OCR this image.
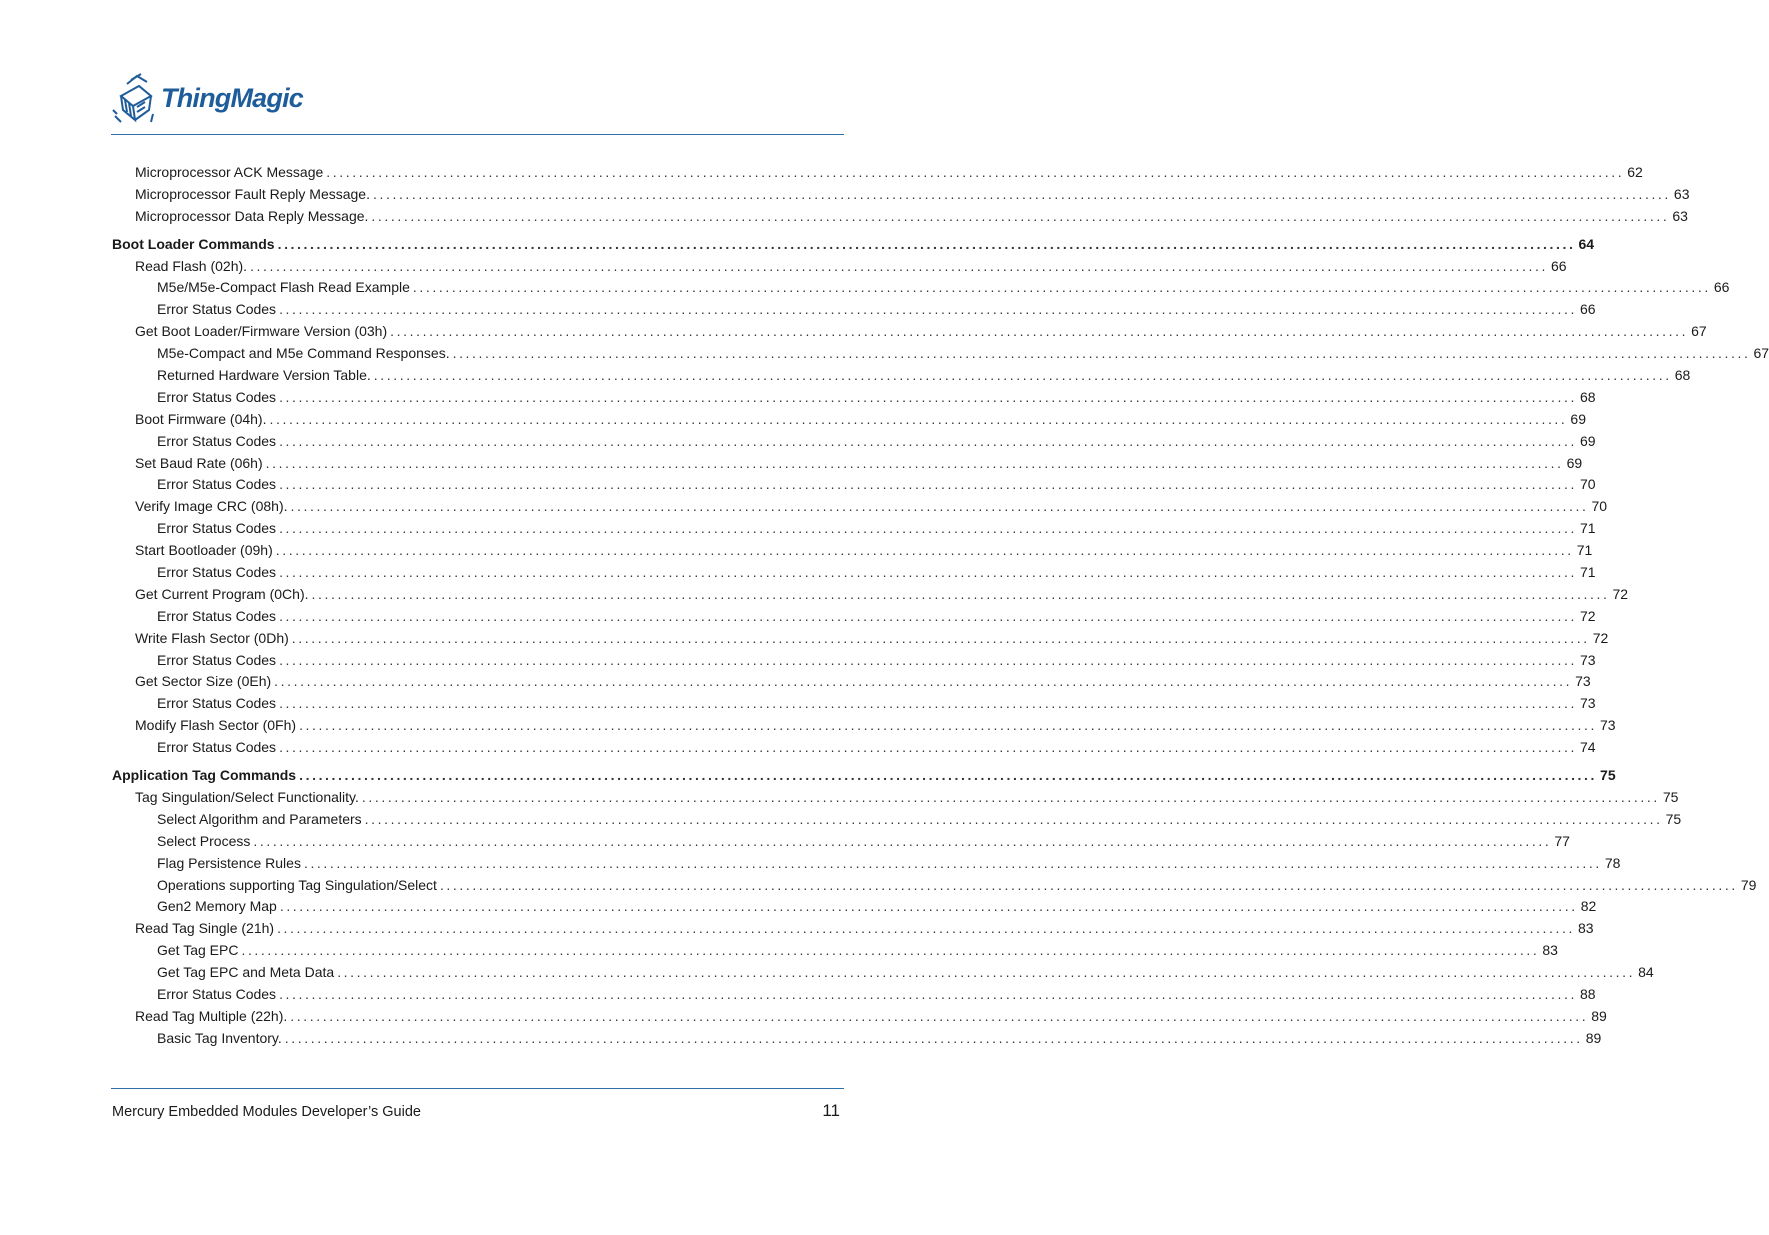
ThingMagic
Microprocessor ACK Message ........................................................................................................................................................................................................ 62
Microprocessor Fault Reply Message. ........................................................................................................................................................................................................ 63
Microprocessor Data Reply Message. ........................................................................................................................................................................................................ 63
Boot Loader Commands ........................................................................................................................................................................................................ 64
Read Flash (02h). ........................................................................................................................................................................................................ 66
M5e/M5e-Compact Flash Read Example ........................................................................................................................................................................................................ 66
Error Status Codes ........................................................................................................................................................................................................ 66
Get Boot Loader/Firmware Version (03h) ........................................................................................................................................................................................................ 67
M5e-Compact and M5e Command Responses. ........................................................................................................................................................................................................ 67
Returned Hardware Version Table. ........................................................................................................................................................................................................ 68
Error Status Codes ........................................................................................................................................................................................................ 68
Boot Firmware (04h). ........................................................................................................................................................................................................ 69
Error Status Codes ........................................................................................................................................................................................................ 69
Set Baud Rate (06h) ........................................................................................................................................................................................................ 69
Error Status Codes ........................................................................................................................................................................................................ 70
Verify Image CRC (08h). ........................................................................................................................................................................................................ 70
Error Status Codes ........................................................................................................................................................................................................ 71
Start Bootloader (09h) ........................................................................................................................................................................................................ 71
Error Status Codes ........................................................................................................................................................................................................ 71
Get Current Program (0Ch). ........................................................................................................................................................................................................ 72
Error Status Codes ........................................................................................................................................................................................................ 72
Write Flash Sector (0Dh) ........................................................................................................................................................................................................ 72
Error Status Codes ........................................................................................................................................................................................................ 73
Get Sector Size (0Eh) ........................................................................................................................................................................................................ 73
Error Status Codes ........................................................................................................................................................................................................ 73
Modify Flash Sector (0Fh) ........................................................................................................................................................................................................ 73
Error Status Codes ........................................................................................................................................................................................................ 74
Application Tag Commands ........................................................................................................................................................................................................ 75
Tag Singulation/Select Functionality. ........................................................................................................................................................................................................ 75
Select Algorithm and Parameters ........................................................................................................................................................................................................ 75
Select Process ........................................................................................................................................................................................................ 77
Flag Persistence Rules ........................................................................................................................................................................................................ 78
Operations supporting Tag Singulation/Select ........................................................................................................................................................................................................ 79
Gen2 Memory Map ........................................................................................................................................................................................................ 82
Read Tag Single (21h) ........................................................................................................................................................................................................ 83
Get Tag EPC ........................................................................................................................................................................................................ 83
Get Tag EPC and Meta Data ........................................................................................................................................................................................................ 84
Error Status Codes ........................................................................................................................................................................................................ 88
Read Tag Multiple (22h). ........................................................................................................................................................................................................ 89
Basic Tag Inventory. ........................................................................................................................................................................................................ 89
Mercury Embedded Modules Developer’s Guide	11
